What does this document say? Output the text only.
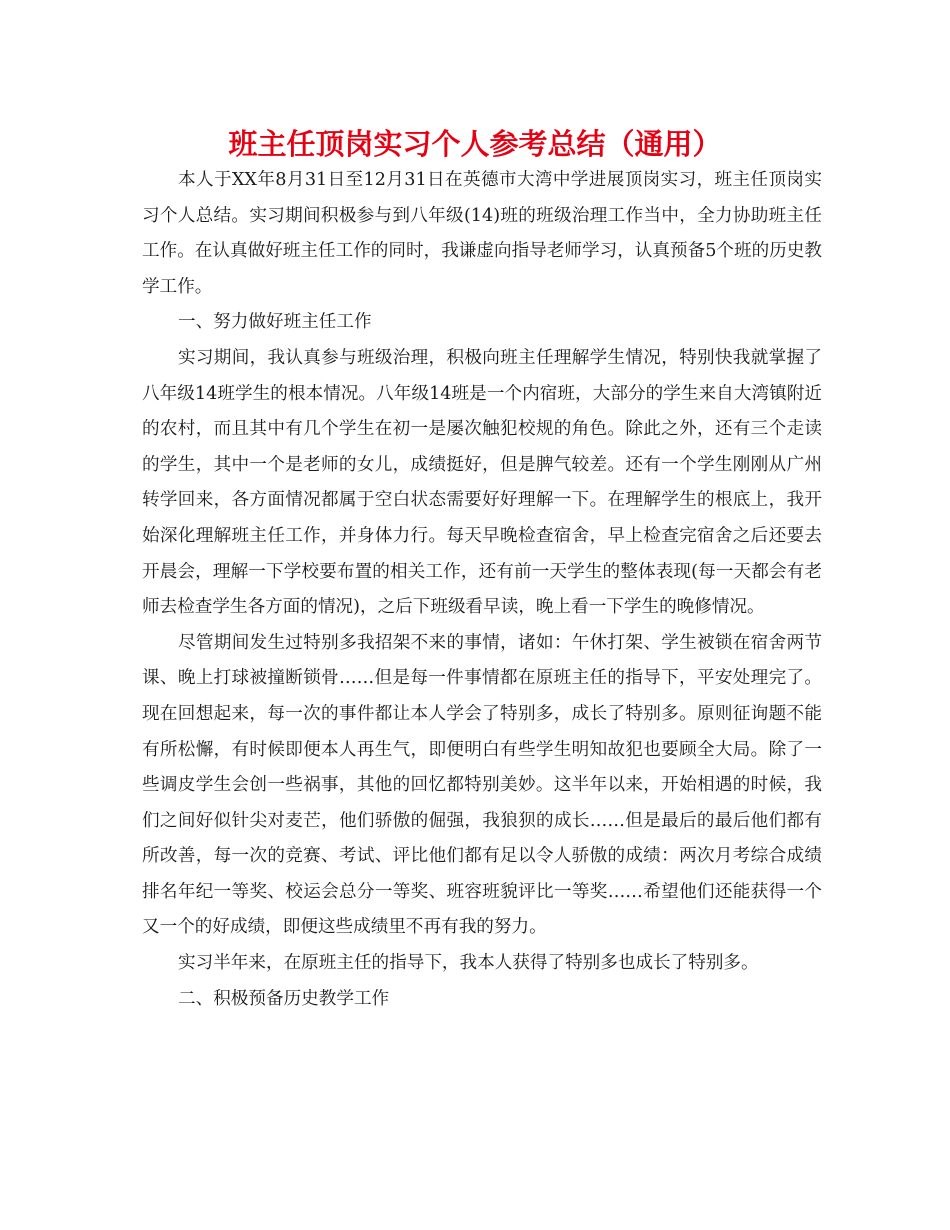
班主任顶岗实习个人参考总结（通用）

本人于XX年8月31日至12月31日在英德市大湾中学进展顶岗实习，班主任顶岗实习个人总结。实习期间积极参与到八年级(14)班的班级治理工作当中，全力协助班主任工作。在认真做好班主任工作的同时，我谦虚向指导老师学习，认真预备5个班的历史教学工作。

一、努力做好班主任工作

实习期间，我认真参与班级治理，积极向班主任理解学生情况，特别快我就掌握了八年级14班学生的根本情况。八年级14班是一个内宿班，大部分的学生来自大湾镇附近的农村，而且其中有几个学生在初一是屡次触犯校规的角色。除此之外，还有三个走读的学生，其中一个是老师的女儿，成绩挺好，但是脾气较差。还有一个学生刚刚从广州转学回来，各方面情况都属于空白状态需要好好理解一下。在理解学生的根底上，我开始深化理解班主任工作，并身体力行。每天早晚检查宿舍，早上检查完宿舍之后还要去开晨会，理解一下学校要布置的相关工作，还有前一天学生的整体表现(每一天都会有老师去检查学生各方面的情况)，之后下班级看早读，晚上看一下学生的晚修情况。

尽管期间发生过特别多我招架不来的事情，诸如：午休打架、学生被锁在宿舍两节课、晚上打球被撞断锁骨……但是每一件事情都在原班主任的指导下，平安处理完了。现在回想起来，每一次的事件都让本人学会了特别多，成长了特别多。原则征询题不能有所松懈，有时候即便本人再生气，即便明白有些学生明知故犯也要顾全大局。除了一些调皮学生会创一些祸事，其他的回忆都特别美妙。这半年以来，开始相遇的时候，我们之间好似针尖对麦芒，他们骄傲的倔强，我狼狈的成长……但是最后的最后他们都有所改善，每一次的竞赛、考试、评比他们都有足以令人骄傲的成绩：两次月考综合成绩排名年纪一等奖、校运会总分一等奖、班容班貌评比一等奖……希望他们还能获得一个又一个的好成绩，即便这些成绩里不再有我的努力。

实习半年来，在原班主任的指导下，我本人获得了特别多也成长了特别多。

二、积极预备历史教学工作
